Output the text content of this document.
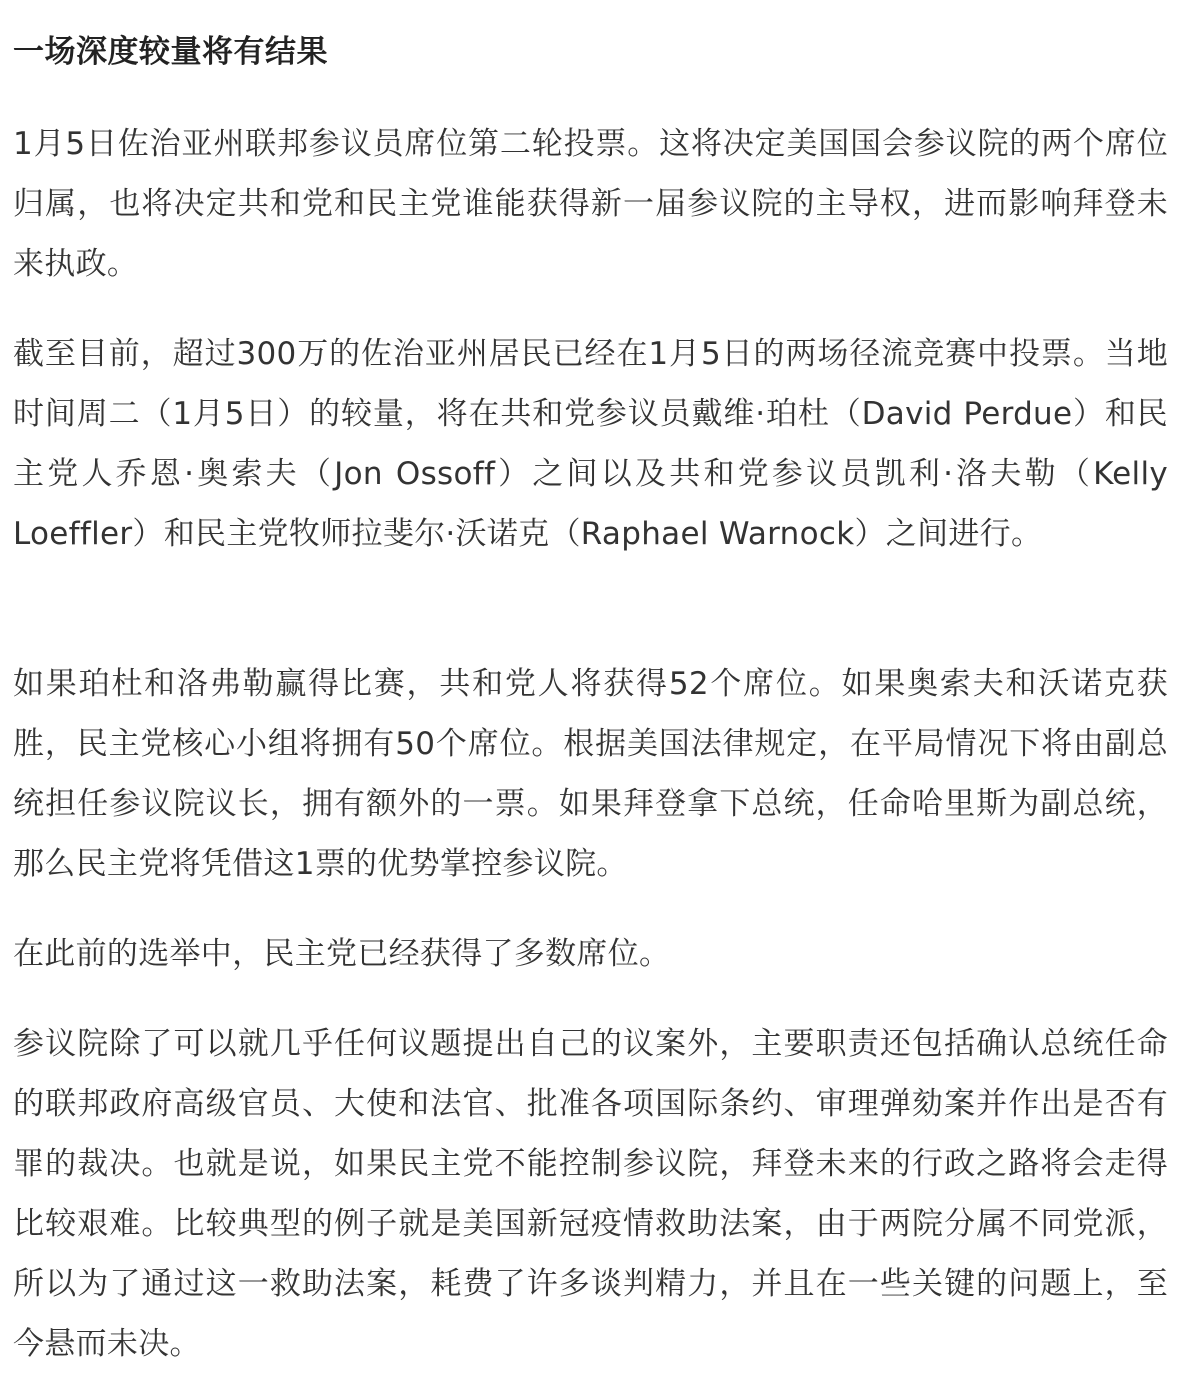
一场深度较量将有结果

1月5日佐治亚州联邦参议员席位第二轮投票。这将决定美国国会参议院的两个席位归属，也将决定共和党和民主党谁能获得新一届参议院的主导权，进而影响拜登未来执政。

截至目前，超过300万的佐治亚州居民已经在1月5日的两场径流竞赛中投票。当地时间周二（1月5日）的较量，将在共和党参议员戴维·珀杜（David Perdue）和民主党人乔恩·奥索夫（Jon Ossoff）之间以及共和党参议员凯利·洛夫勒（Kelly Loeffler）和民主党牧师拉斐尔·沃诺克（Raphael Warnock）之间进行。

如果珀杜和洛弗勒赢得比赛，共和党人将获得52个席位。如果奥索夫和沃诺克获胜，民主党核心小组将拥有50个席位。根据美国法律规定，在平局情况下将由副总统担任参议院议长，拥有额外的一票。如果拜登拿下总统，任命哈里斯为副总统，那么民主党将凭借这1票的优势掌控参议院。

在此前的选举中，民主党已经获得了多数席位。

参议院除了可以就几乎任何议题提出自己的议案外，主要职责还包括确认总统任命的联邦政府高级官员、大使和法官、批准各项国际条约、审理弹劾案并作出是否有罪的裁决。也就是说，如果民主党不能控制参议院，拜登未来的行政之路将会走得比较艰难。比较典型的例子就是美国新冠疫情救助法案，由于两院分属不同党派，所以为了通过这一救助法案，耗费了许多谈判精力，并且在一些关键的问题上，至今悬而未决。
